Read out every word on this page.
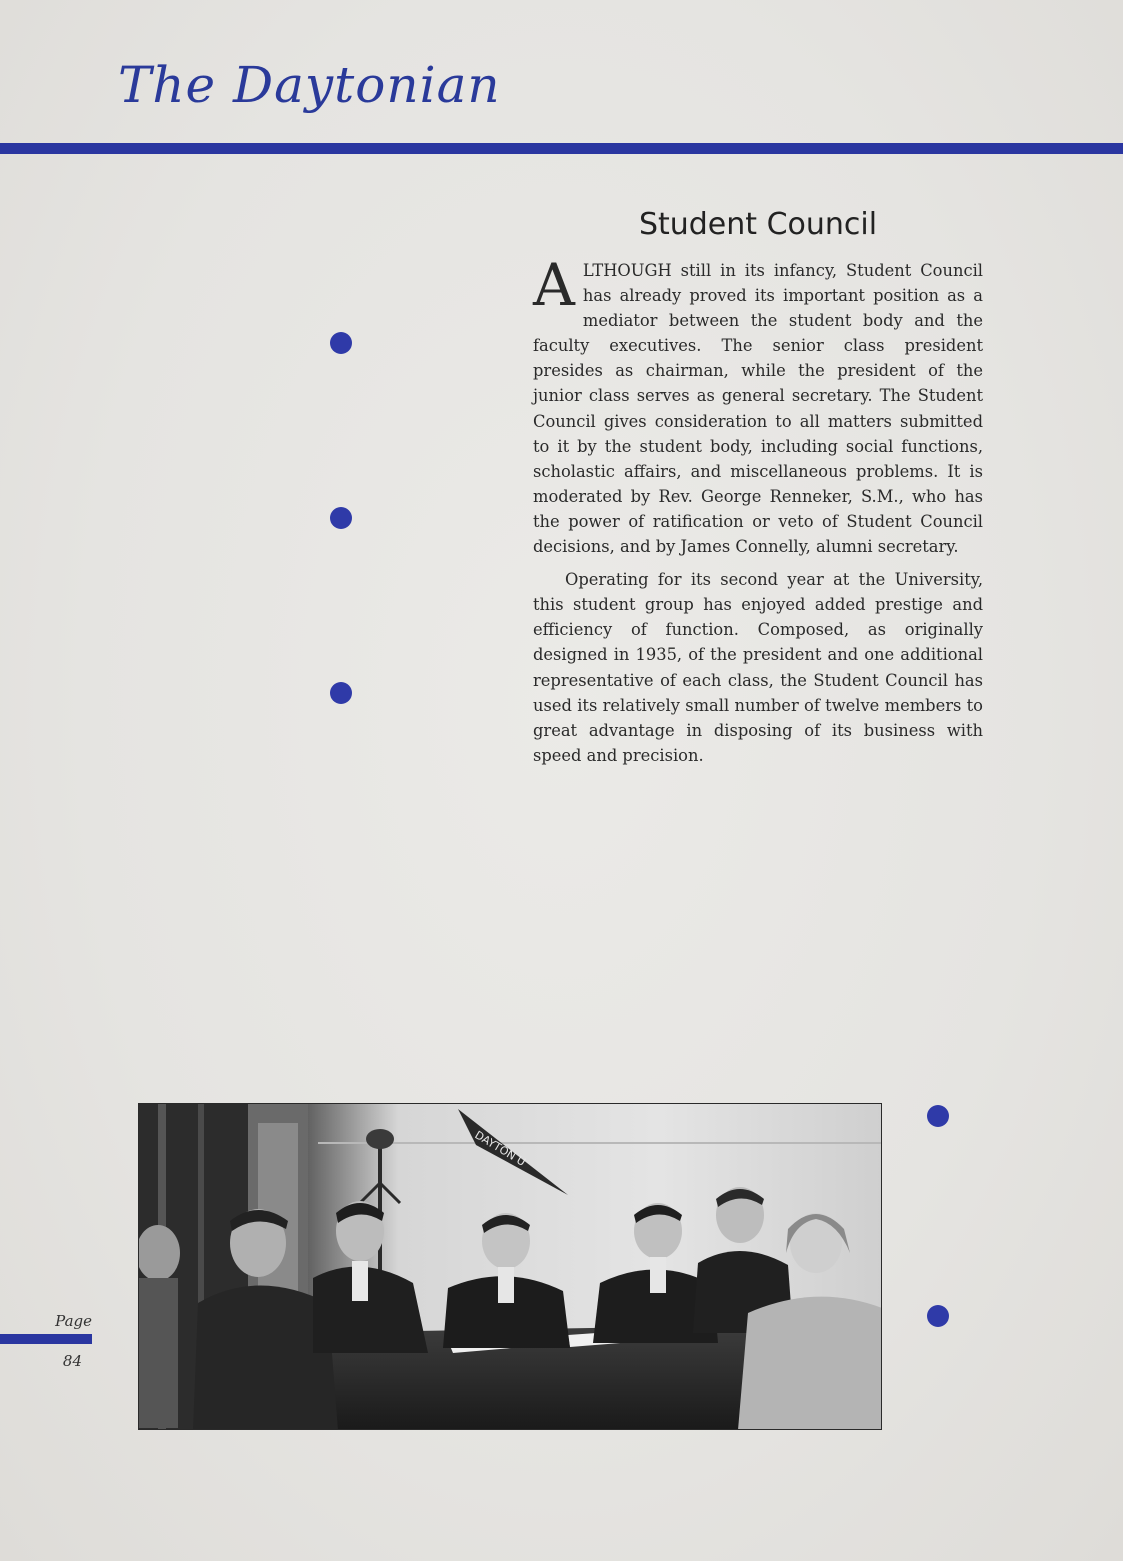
The Daytonian
Student Council

ALTHOUGH still in its infancy, Student Council has already proved its important position as a mediator between the student body and the faculty executives. The senior class president presides as chairman, while the president of the junior class serves as general secretary. The Student Council gives consideration to all matters submitted to it by the student body, including social functions, scholastic affairs, and miscellaneous problems. It is moderated by Rev. George Renneker, S.M., who has the power of ratification or veto of Student Council decisions, and by James Connelly, alumni secretary.

Operating for its second year at the University, this student group has enjoyed added prestige and efficiency of function. Composed, as originally designed in 1935, of the president and one additional representative of each class, the Student Council has used its relatively small number of twelve members to great advantage in disposing of its business with speed and precision.

DAYTON U
Page
84
